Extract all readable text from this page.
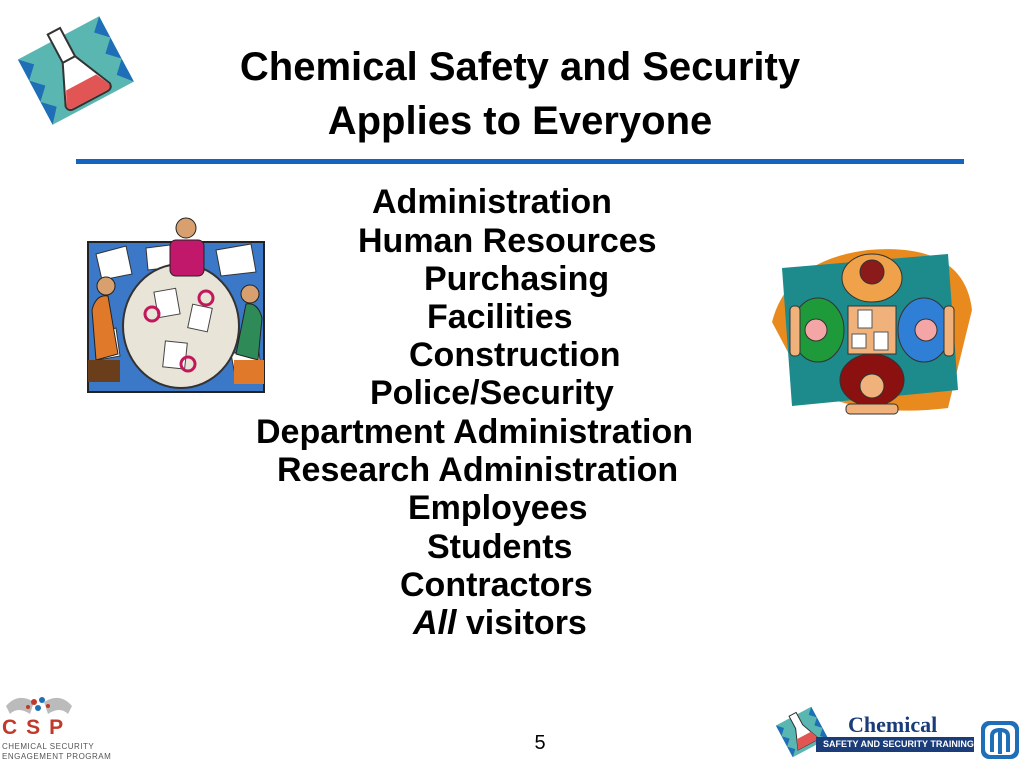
Chemical Safety and Security
Applies to Everyone
Administration
Human Resources
Purchasing
Facilities
Construction
Police/Security
Department Administration
Research Administration
Employees
Students
Contractors
All visitors
CSP
CHEMICAL SECURITY
ENGAGEMENT PROGRAM
5
Chemical
SAFETY AND SECURITY TRAINING
